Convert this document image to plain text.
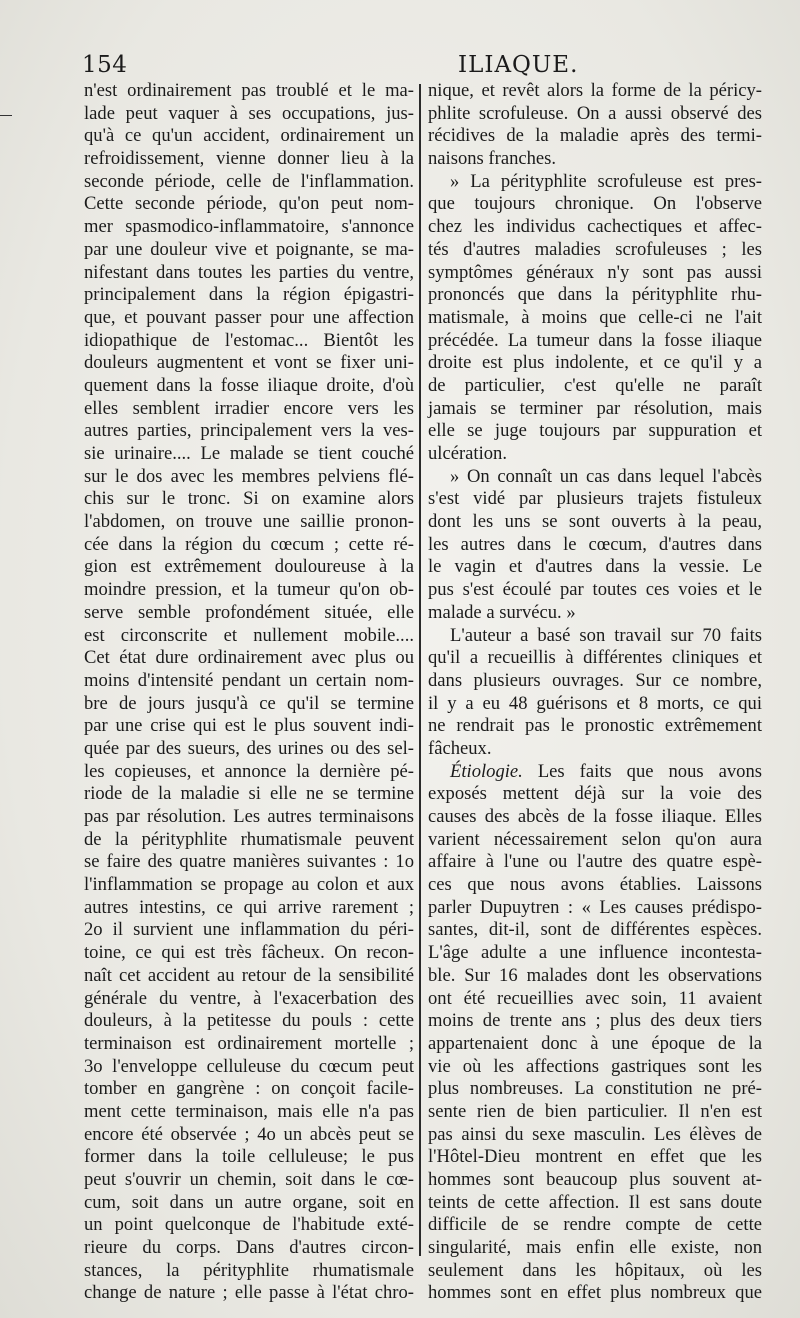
154	ILIAQUE.
n'est ordinairement pas troublé et le ma-
lade peut vaquer à ses occupations, jus-
qu'à ce qu'un accident, ordinairement un
refroidissement, vienne donner lieu à la
seconde période, celle de l'inflammation.
Cette seconde période, qu'on peut nom-
mer spasmodico-inflammatoire, s'annonce
par une douleur vive et poignante, se ma-
nifestant dans toutes les parties du ventre,
principalement dans la région épigastri-
que, et pouvant passer pour une affection
idiopathique de l'estomac... Bientôt les
douleurs augmentent et vont se fixer uni-
quement dans la fosse iliaque droite, d'où
elles semblent irradier encore vers les
autres parties, principalement vers la ves-
sie urinaire.... Le malade se tient couché
sur le dos avec les membres pelviens flé-
chis sur le tronc. Si on examine alors
l'abdomen, on trouve une saillie pronon-
cée dans la région du cœcum ; cette ré-
gion est extrêmement douloureuse à la
moindre pression, et la tumeur qu'on ob-
serve semble profondément située, elle
est circonscrite et nullement mobile....
Cet état dure ordinairement avec plus ou
moins d'intensité pendant un certain nom-
bre de jours jusqu'à ce qu'il se termine
par une crise qui est le plus souvent indi-
quée par des sueurs, des urines ou des sel-
les copieuses, et annonce la dernière pé-
riode de la maladie si elle ne se termine
pas par résolution. Les autres terminaisons
de la pérityphlite rhumatismale peuvent
se faire des quatre manières suivantes : 1o
l'inflammation se propage au colon et aux
autres intestins, ce qui arrive rarement ;
2o il survient une inflammation du péri-
toine, ce qui est très fâcheux. On recon-
naît cet accident au retour de la sensibilité
générale du ventre, à l'exacerbation des
douleurs, à la petitesse du pouls : cette
terminaison est ordinairement mortelle ;
3o l'enveloppe celluleuse du cœcum peut
tomber en gangrène : on conçoit facile-
ment cette terminaison, mais elle n'a pas
encore été observée ; 4o un abcès peut se
former dans la toile celluleuse; le pus
peut s'ouvrir un chemin, soit dans le cœ-
cum, soit dans un autre organe, soit en
un point quelconque de l'habitude exté-
rieure du corps. Dans d'autres circon-
stances, la pérityphlite rhumatismale
change de nature ; elle passe à l'état chro-
nique, et revêt alors la forme de la péricy-
phlite scrofuleuse. On a aussi observé des
récidives de la maladie après des termi-
naisons franches.
» La pérityphlite scrofuleuse est pres-
que toujours chronique. On l'observe
chez les individus cachectiques et affec-
tés d'autres maladies scrofuleuses ; les
symptômes généraux n'y sont pas aussi
prononcés que dans la pérityphlite rhu-
matismale, à moins que celle-ci ne l'ait
précédée. La tumeur dans la fosse iliaque
droite est plus indolente, et ce qu'il y a
de particulier, c'est qu'elle ne paraît
jamais se terminer par résolution, mais
elle se juge toujours par suppuration et
ulcération.
» On connaît un cas dans lequel l'abcès
s'est vidé par plusieurs trajets fistuleux
dont les uns se sont ouverts à la peau,
les autres dans le cœcum, d'autres dans
le vagin et d'autres dans la vessie. Le
pus s'est écoulé par toutes ces voies et le
malade a survécu. »
L'auteur a basé son travail sur 70 faits
qu'il a recueillis à différentes cliniques et
dans plusieurs ouvrages. Sur ce nombre,
il y a eu 48 guérisons et 8 morts, ce qui
ne rendrait pas le pronostic extrêmement
fâcheux.
Étiologie. Les faits que nous avons
exposés mettent déjà sur la voie des
causes des abcès de la fosse iliaque. Elles
varient nécessairement selon qu'on aura
affaire à l'une ou l'autre des quatre espè-
ces que nous avons établies. Laissons
parler Dupuytren : « Les causes prédispo-
santes, dit-il, sont de différentes espèces.
L'âge adulte a une influence incontesta-
ble. Sur 16 malades dont les observations
ont été recueillies avec soin, 11 avaient
moins de trente ans ; plus des deux tiers
appartenaient donc à une époque de la
vie où les affections gastriques sont les
plus nombreuses. La constitution ne pré-
sente rien de bien particulier. Il n'en est
pas ainsi du sexe masculin. Les élèves de
l'Hôtel-Dieu montrent en effet que les
hommes sont beaucoup plus souvent at-
teints de cette affection. Il est sans doute
difficile de se rendre compte de cette
singularité, mais enfin elle existe, non
seulement dans les hôpitaux, où les
hommes sont en effet plus nombreux que
